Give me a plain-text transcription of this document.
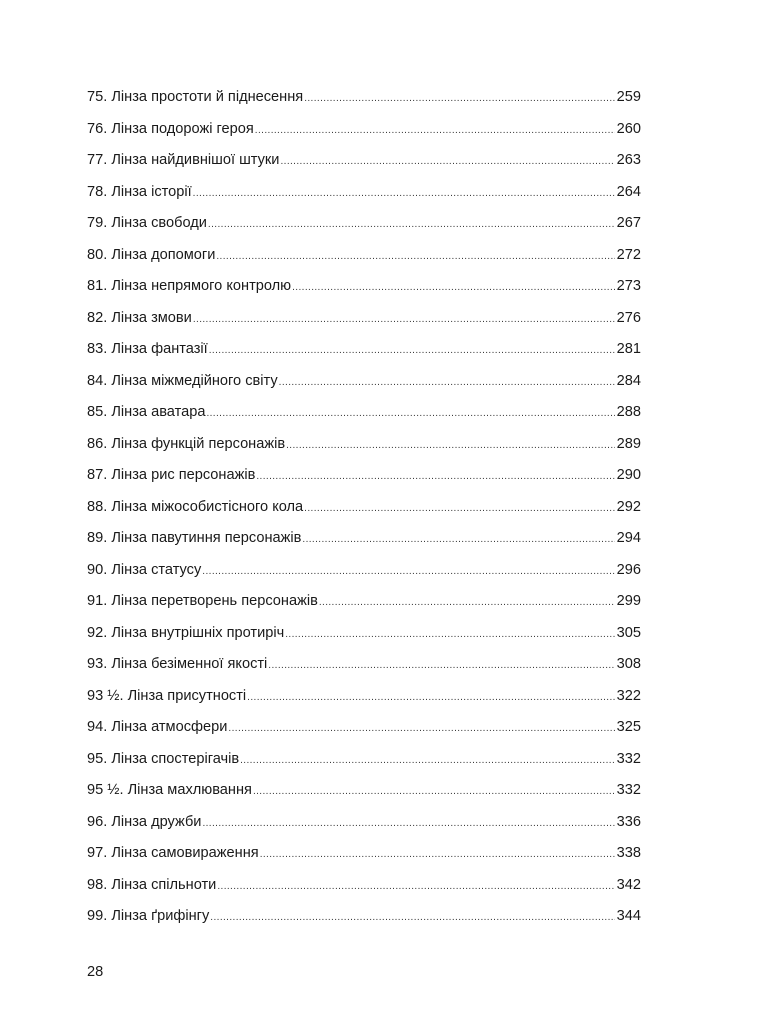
75. Лінза простоти й піднесення .....	259
76. Лінза подорожі героя .....	260
77. Лінза найдивнішої штуки .....	263
78. Лінза історії .....	264
79. Лінза свободи .....	267
80. Лінза допомоги .....	272
81. Лінза непрямого контролю .....	273
82. Лінза змови .....	276
83. Лінза фантазії .....	281
84. Лінза міжмедійного світу .....	284
85. Лінза аватара .....	288
86. Лінза функцій персонажів .....	289
87. Лінза рис персонажів .....	290
88. Лінза міжособистісного кола .....	292
89. Лінза павутиння персонажів .....	294
90. Лінза статусу .....	296
91. Лінза перетворень персонажів .....	299
92. Лінза внутрішніх протиріч .....	305
93. Лінза безіменної якості .....	308
93 ½. Лінза присутності .....	322
94. Лінза атмосфери .....	325
95. Лінза спостерігачів .....	332
95 ½. Лінза махлювання .....	332
96. Лінза дружби .....	336
97. Лінза самовираження .....	338
98. Лінза спільноти .....	342
99. Лінза ґрифінгу .....	344
28
